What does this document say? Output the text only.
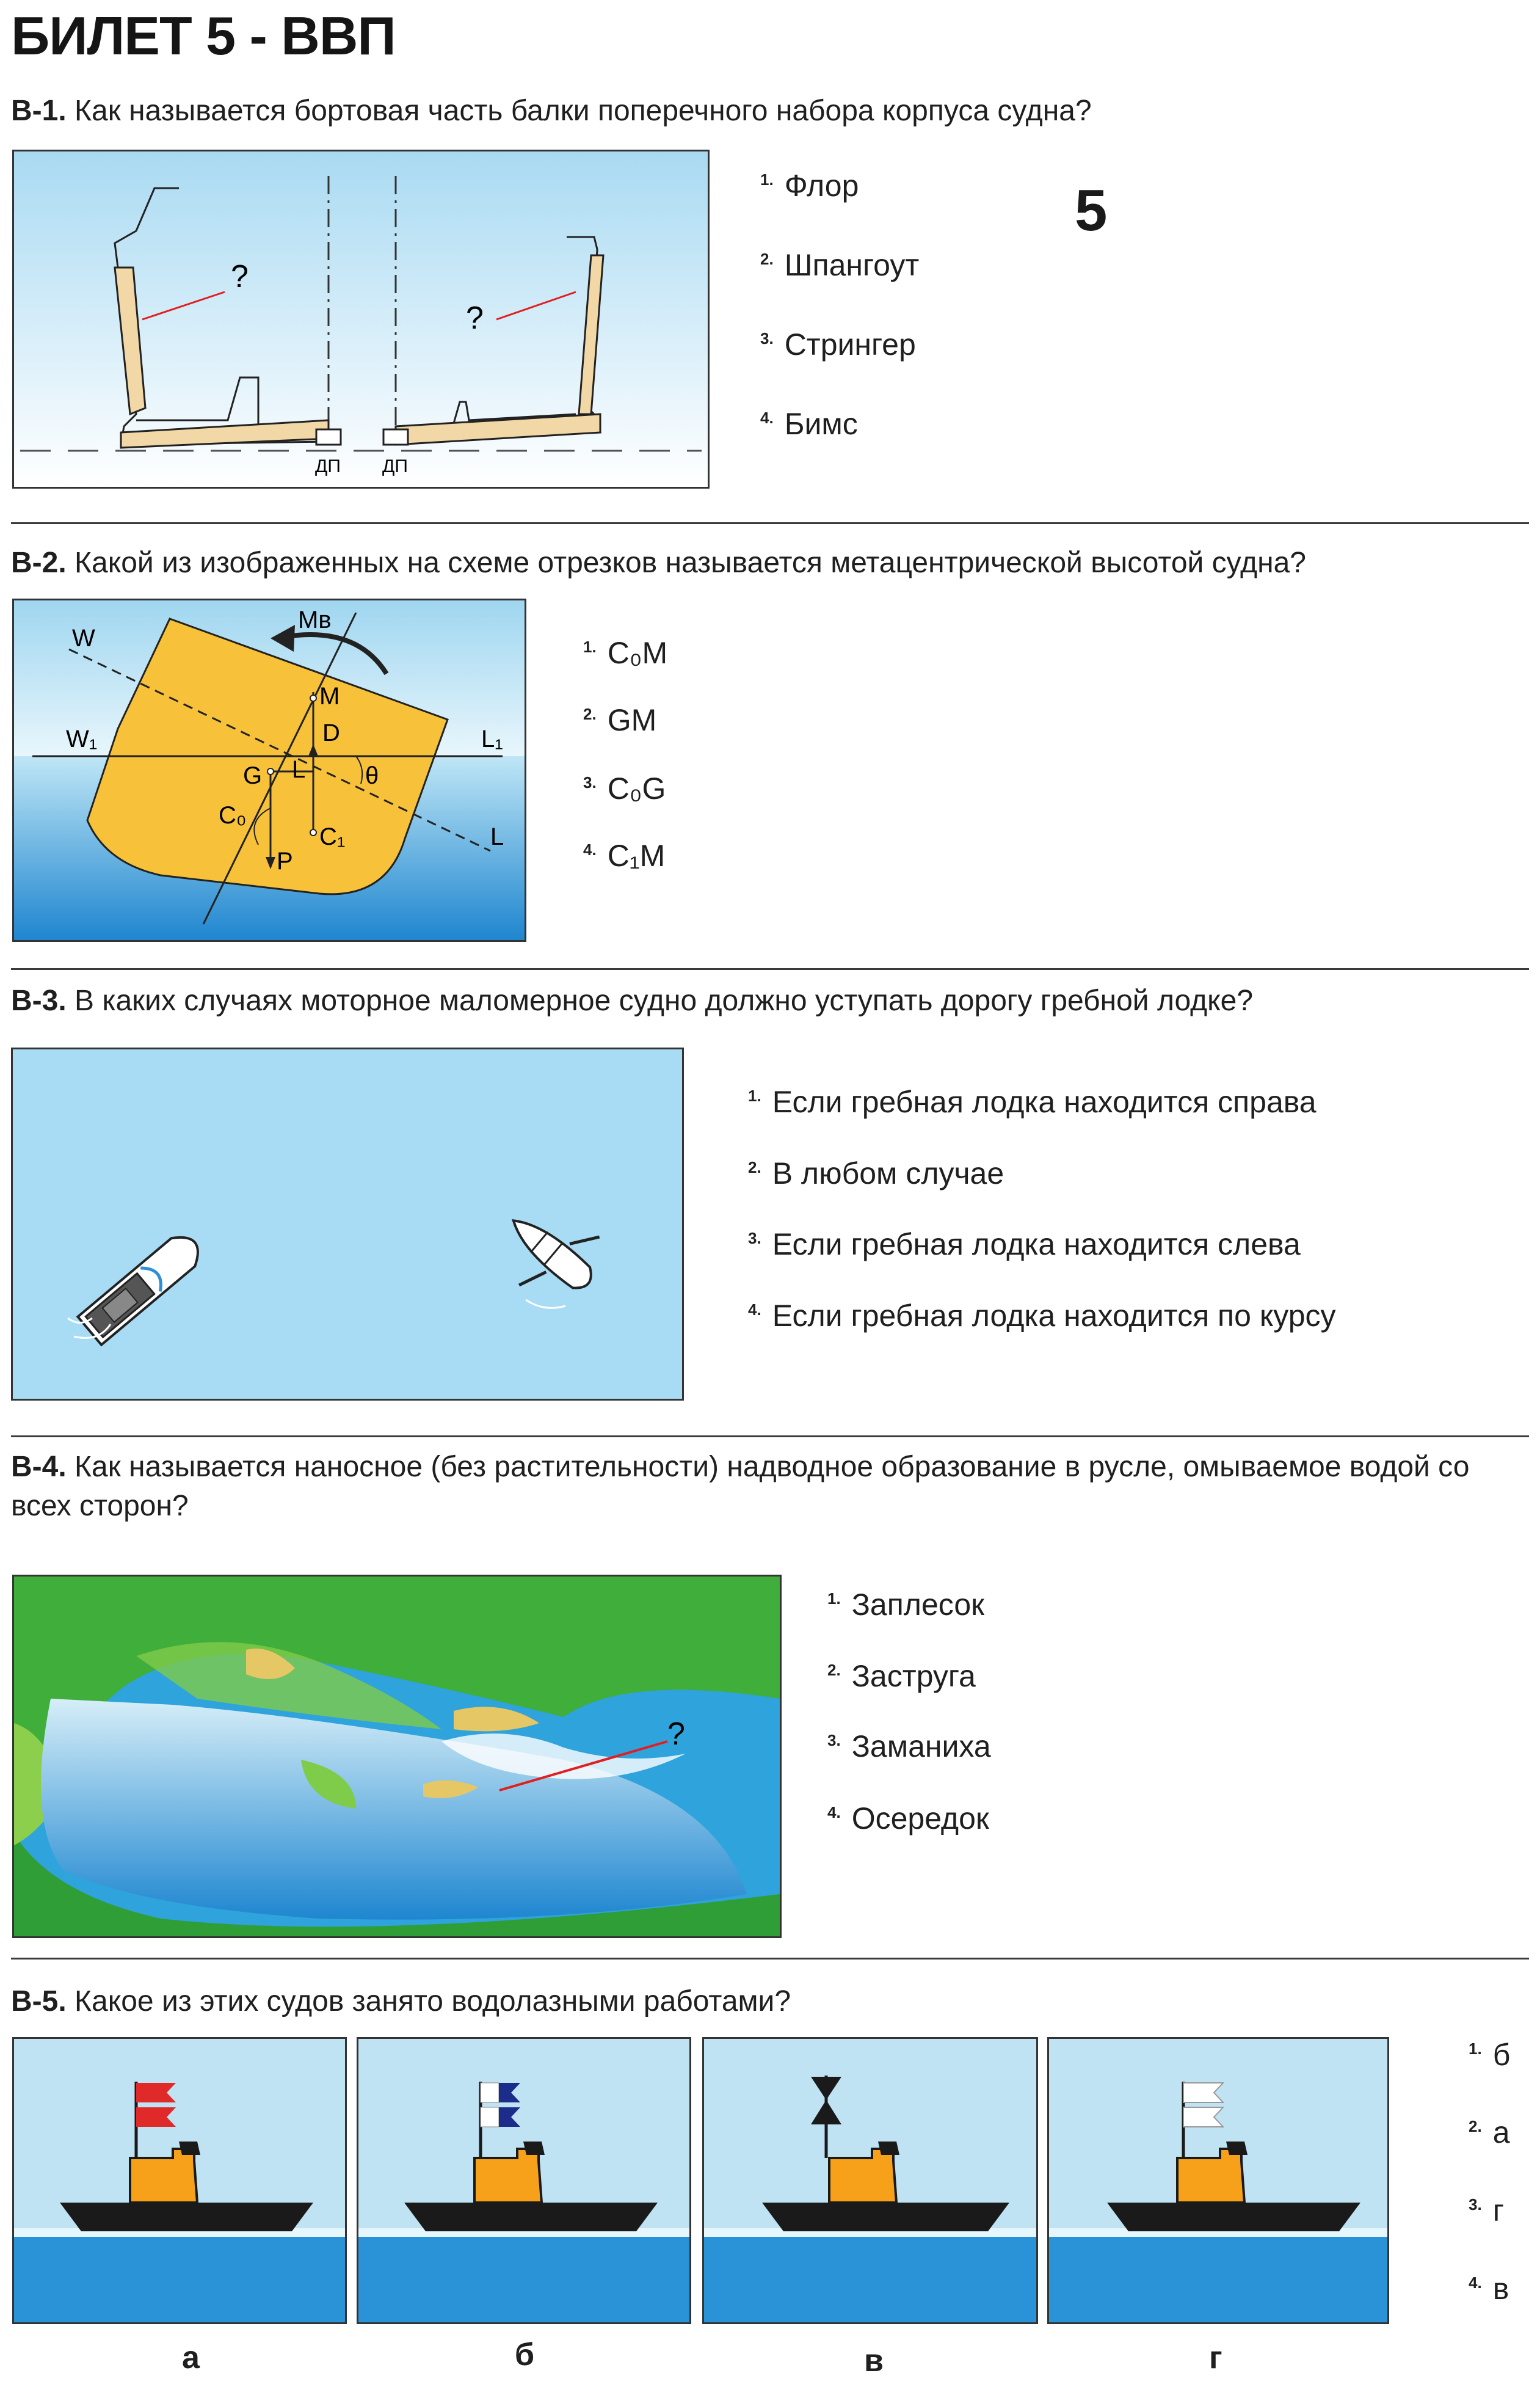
БИЛЕТ 5 - ВВП
В-1. Как называется бортовая часть балки поперечного набора корпуса судна?
?
?
ДП ДП
$^{1.}$ Флор
$^{2.}$ Шпангоут
$^{3.}$ Стрингер
$^{4.}$ Бимс
5
В-2. Какой из изображенных на схеме отрезков называется метацентрической высотой судна?
W
W₁	L₁
L
Мв
M
D
G L θ
C₀
C₁
P
$^{1.}$ C₀M
$^{2.}$ GM
$^{3.}$ C₀G
$^{4.}$ C₁M
В-3. В каких случаях моторное маломерное судно должно уступать дорогу гребной лодке?
$^{1.}$ Если гребная лодка находится справа
$^{2.}$ В любом случае
$^{3.}$ Если гребная лодка находится слева
$^{4.}$ Если гребная лодка находится по курсу
В-4. Как называется наносное (без растительности) надводное образование в русле, омываемое водой со
всех сторон?
?
$^{1.}$ Заплесок
$^{2.}$ Заструга
$^{3.}$ Заманиха
$^{4.}$ Осередок
В-5. Какое из этих судов занято водолазными работами?
а	б	в	г
$^{1.}$ б
$^{2.}$ а
$^{3.}$ г
$^{4.}$ в
